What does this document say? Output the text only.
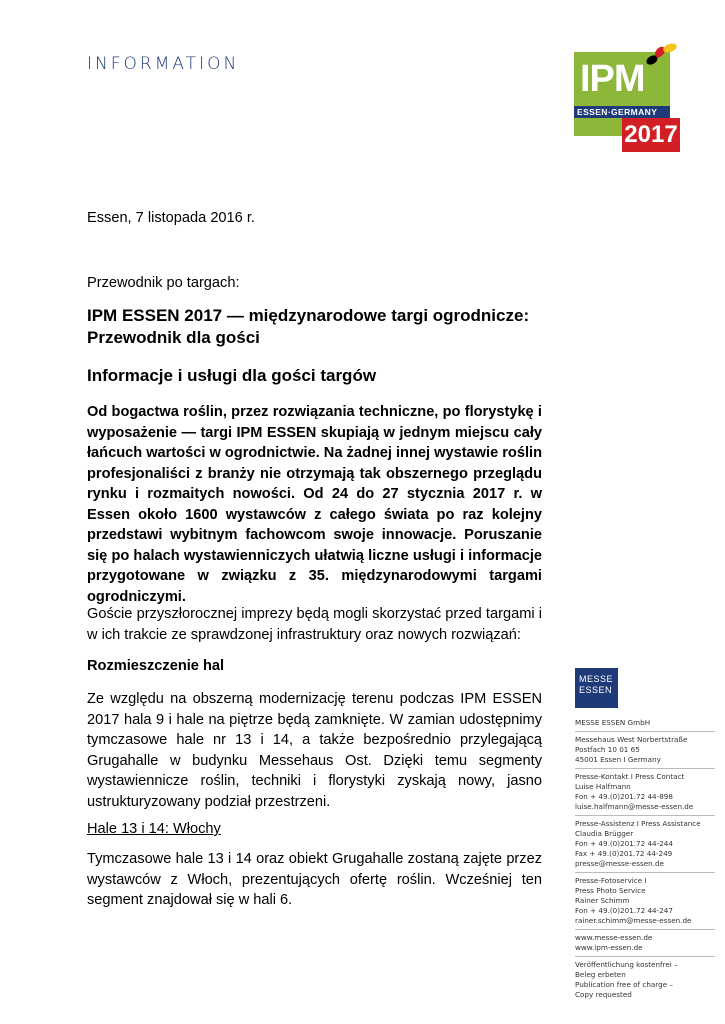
INFORMATION	IPM
ESSEN·GERMANY
2017
Essen, 7 listopada 2016 r.
Przewodnik po targach:
IPM ESSEN 2017 — międzynarodowe targi ogrodnicze:
Przewodnik dla gości
Informacje i usługi dla gości targów
Od bogactwa roślin, przez rozwiązania techniczne, po florystykę i wyposażenie — targi IPM ESSEN skupiają w jednym miejscu cały łańcuch wartości w ogrodnictwie. Na żadnej innej wystawie roślin profesjonaliści z branży nie otrzymają tak obszernego przeglądu rynku i rozmaitych nowości. Od 24 do 27 stycznia 2017 r. w Essen około 1600 wystawców z całego świata po raz kolejny przedstawi wybitnym fachowcom swoje innowacje. Poruszanie się po halach wystawienniczych ułatwią liczne usługi i informacje przygotowane w związku z 35. międzynarodowymi targami ogrodniczymi.
Goście przyszłorocznej imprezy będą mogli skorzystać przed targami i w ich trakcie ze sprawdzonej infrastruktury oraz nowych rozwiązań:
Rozmieszczenie hal
Ze względu na obszerną modernizację terenu podczas IPM ESSEN 2017 hala 9 i hale na piętrze będą zamknięte. W zamian udostępnimy tymczasowe hale nr 13 i 14, a także bezpośrednio przylegającą Grugahalle w budynku Messehaus Ost. Dzięki temu segmenty wystawiennicze roślin, techniki i florystyki zyskają nowy, jasno ustrukturyzowany podział przestrzeni.
Hale 13 i 14: Włochy
Tymczasowe hale 13 i 14 oraz obiekt Grugahalle zostaną zajęte przez wystawców z Włoch, prezentujących ofertę roślin. Wcześniej ten segment znajdował się w hali 6.
MESSE
ESSEN
MESSE ESSEN GmbH
Messehaus West Norbertstraße
Postfach 10 01 65
45001 Essen I Germany
Presse-Kontakt I Press Contact
Luise Halfmann
Fon + 49.(0)201.72 44-898
luise.halfmann@messe-essen.de
Presse-Assistenz I Press Assistance
Claudia Brügger
Fon + 49.(0)201.72 44-244
Fax + 49.(0)201.72 44-249
presse@messe-essen.de
Presse-Fotoservice I
Press Photo Service
Rainer Schimm
Fon + 49.(0)201.72 44-247
rainer.schimm@messe-essen.de
www.messe-essen.de
www.ipm-essen.de
Veröffentlichung kostenfrei –
Beleg erbeten
Publication free of charge –
Copy requested
